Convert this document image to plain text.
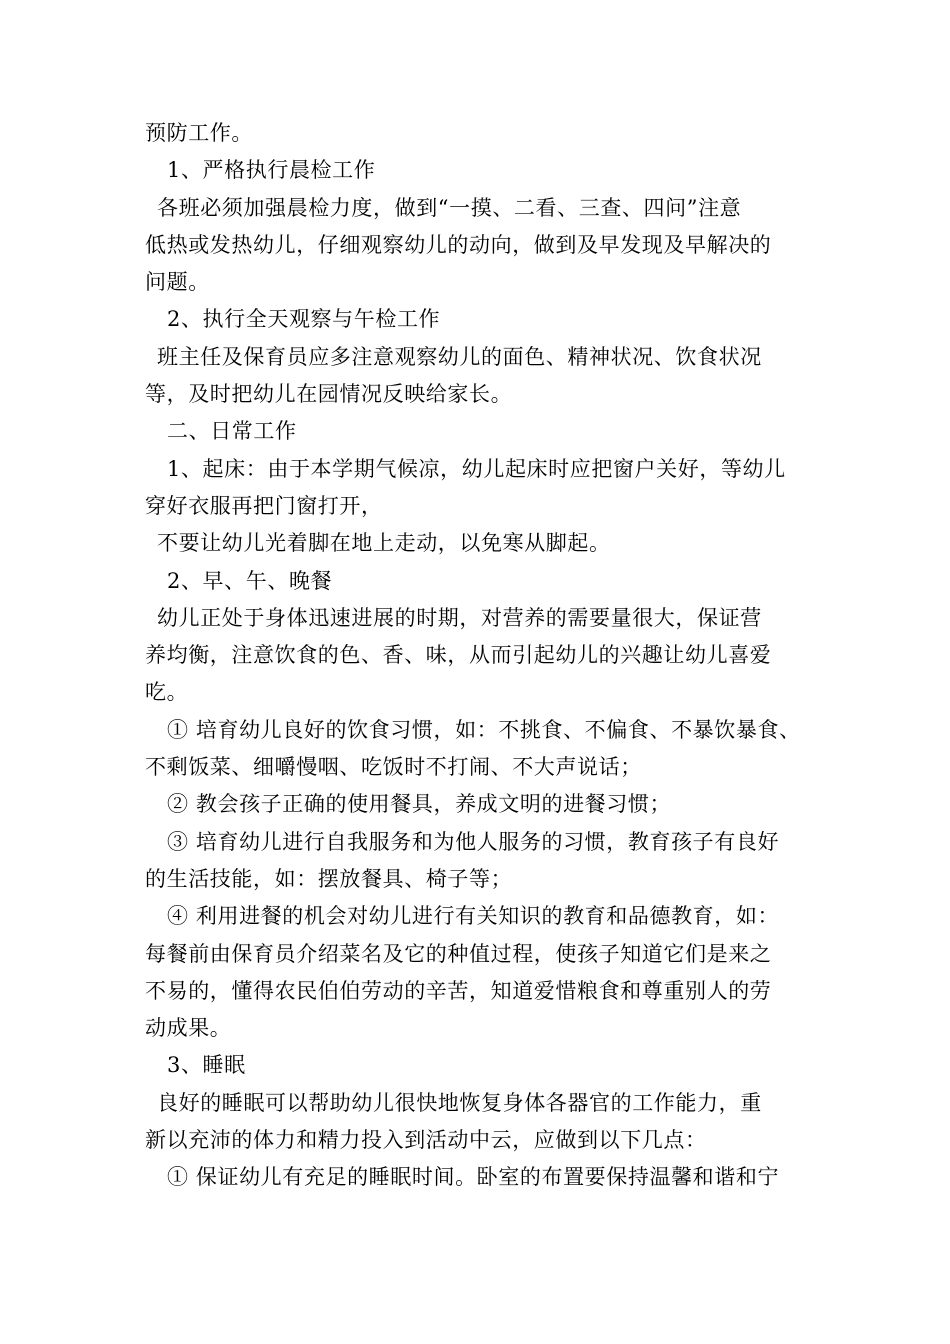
预防工作。
1、严格执行晨检工作
各班必须加强晨检力度，做到“一摸、二看、三查、四问”注意
低热或发热幼儿，仔细观察幼儿的动向，做到及早发现及早解决的
问题。
2、执行全天观察与午检工作
班主任及保育员应多注意观察幼儿的面色、精神状况、饮食状况
等，及时把幼儿在园情况反映给家长。
二、日常工作
1、起床：由于本学期气候凉，幼儿起床时应把窗户关好，等幼儿
穿好衣服再把门窗打开，
不要让幼儿光着脚在地上走动，以免寒从脚起。
2、早、午、晚餐
幼儿正处于身体迅速进展的时期，对营养的需要量很大，保证营
养均衡，注意饮食的色、香、味，从而引起幼儿的兴趣让幼儿喜爱
吃。
① 培育幼儿良好的饮食习惯，如：不挑食、不偏食、不暴饮暴食、
不剩饭菜、细嚼慢咽、吃饭时不打闹、不大声说话；
② 教会孩子正确的使用餐具，养成文明的进餐习惯；
③ 培育幼儿进行自我服务和为他人服务的习惯，教育孩子有良好
的生活技能，如：摆放餐具、椅子等；
④ 利用进餐的机会对幼儿进行有关知识的教育和品德教育，如：
每餐前由保育员介绍菜名及它的种值过程，使孩子知道它们是来之
不易的，懂得农民伯伯劳动的辛苦，知道爱惜粮食和尊重别人的劳
动成果。
3、睡眠
良好的睡眠可以帮助幼儿很快地恢复身体各器官的工作能力，重
新以充沛的体力和精力投入到活动中云，应做到以下几点：
① 保证幼儿有充足的睡眠时间。卧室的布置要保持温馨和谐和宁
